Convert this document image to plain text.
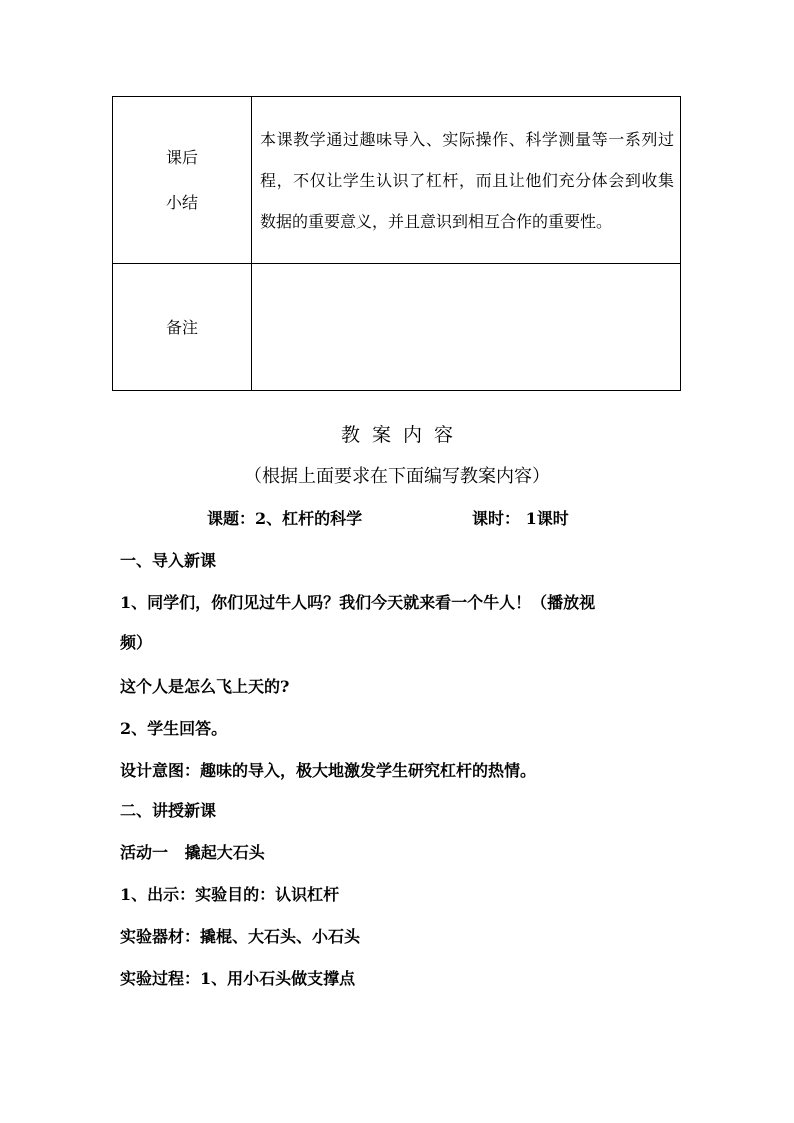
课后
小结	本课教学通过趣味导入、实际操作、科学测量等一系列过程，不仅让学生认识了杠杆，而且让他们充分体会到收集数据的重要意义，并且意识到相互合作的重要性。

备注	

教案内容
（根据上面要求在下面编写教案内容）
课题：2、杠杆的科学	课时： 1课时
一、导入新课
1、同学们，你们见过牛人吗？我们今天就来看一个牛人！（播放视
频）
这个人是怎么飞上天的?
2、学生回答。
设计意图：趣味的导入，极大地激发学生研究杠杆的热情。
二、讲授新课
活动一   撬起大石头
1、出示：实验目的：认识杠杆
实验器材：撬棍、大石头、小石头
实验过程：1、用小石头做支撑点
